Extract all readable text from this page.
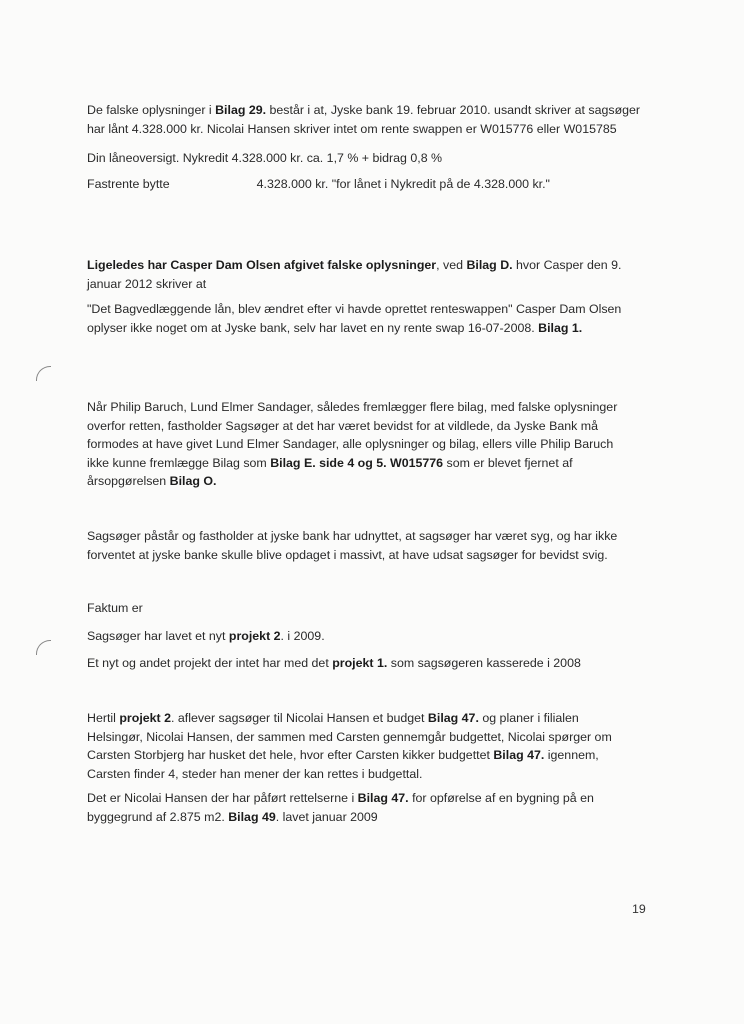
De falske oplysninger i Bilag 29. består i at, Jyske bank 19. februar 2010. usandt skriver at sagsøger
har lånt 4.328.000 kr. Nicolai Hansen skriver intet om rente swappen er W015776 eller W015785

Din låneoversigt. Nykredit 4.328.000 kr. ca. 1,7 % + bidrag 0,8 %

Fastrente bytte	4.328.000 kr. "for lånet i Nykredit på de 4.328.000 kr."

Ligeledes har Casper Dam Olsen afgivet falske oplysninger, ved Bilag D. hvor Casper den 9.
januar 2012 skriver at

"Det Bagvedlæggende lån, blev ændret efter vi havde oprettet renteswappen" Casper Dam Olsen
oplyser ikke noget om at Jyske bank, selv har lavet en ny rente swap 16-07-2008. Bilag 1.

Når Philip Baruch, Lund Elmer Sandager, således fremlægger flere bilag, med falske oplysninger
overfor retten, fastholder Sagsøger at det har været bevidst for at vildlede, da Jyske Bank må
formodes at have givet Lund Elmer Sandager, alle oplysninger og bilag, ellers ville Philip Baruch
ikke kunne fremlægge Bilag som Bilag E. side 4 og 5. W015776 som er blevet fjernet af
årsopgørelsen Bilag O.

Sagsøger påstår og fastholder at jyske bank har udnyttet, at sagsøger har været syg, og har ikke
forventet at jyske banke skulle blive opdaget i massivt, at have udsat sagsøger for bevidst svig.

Faktum er

Sagsøger har lavet et nyt projekt 2. i 2009.

Et nyt og andet projekt der intet har med det projekt 1. som sagsøgeren kasserede i 2008

Hertil projekt 2. aflever sagsøger til Nicolai Hansen et budget Bilag 47. og planer i filialen
Helsingør, Nicolai Hansen, der sammen med Carsten gennemgår budgettet, Nicolai spørger om
Carsten Storbjerg har husket det hele, hvor efter Carsten kikker budgettet Bilag 47. igennem,
Carsten finder 4, steder han mener der kan rettes i budgettal.

Det er Nicolai Hansen der har påført rettelserne i Bilag 47. for opførelse af en bygning på en
byggegrund af 2.875 m2. Bilag 49. lavet januar 2009

19
